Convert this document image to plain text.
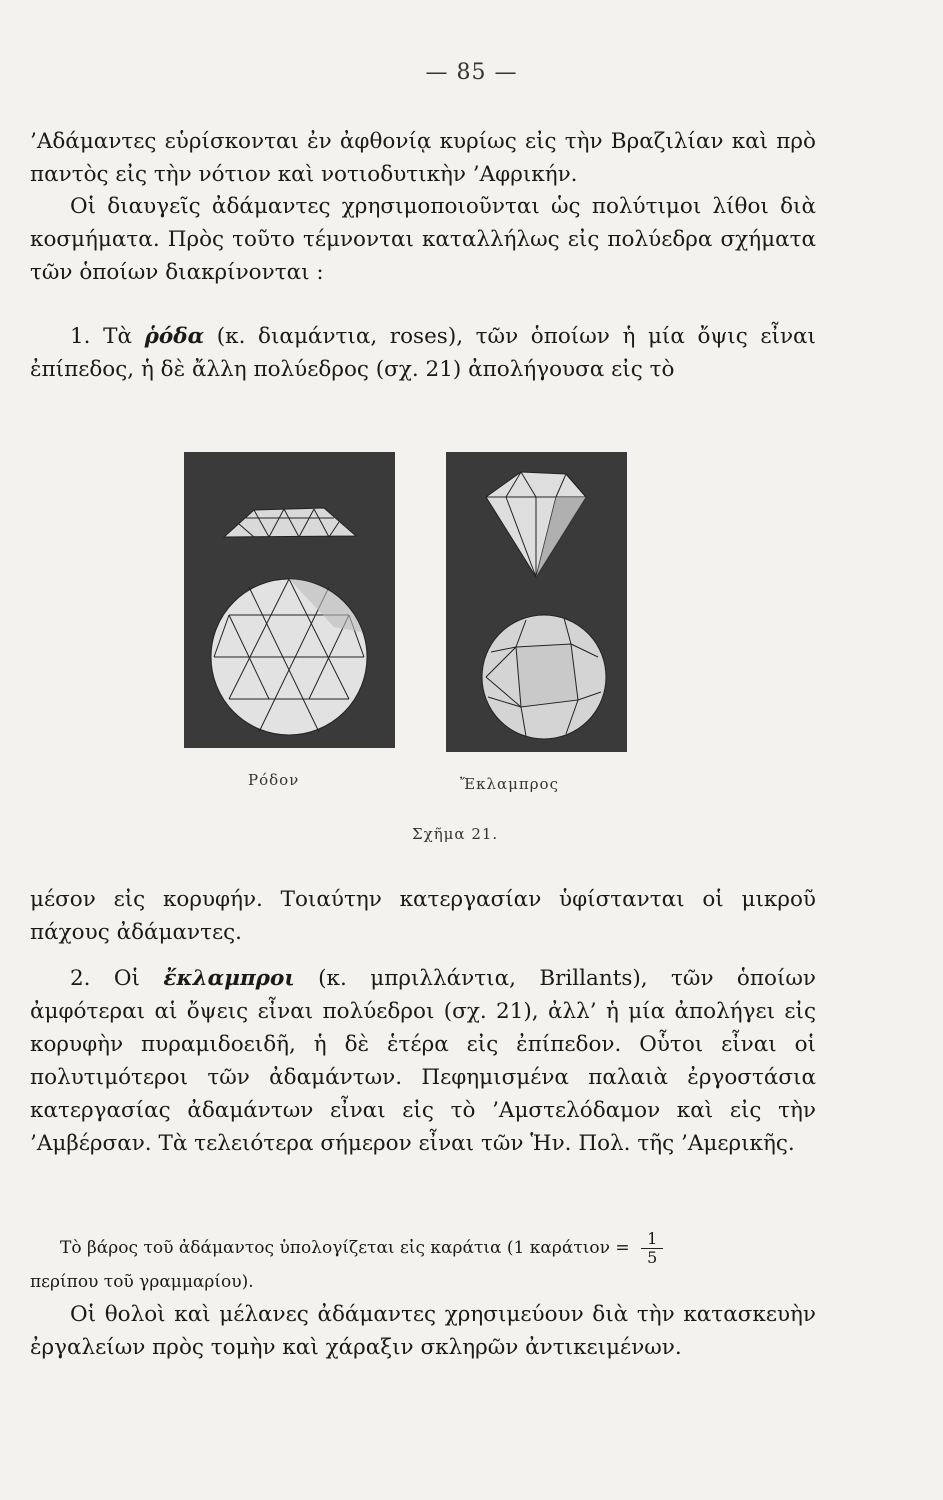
— 85 —
’Αδάμαντες εὑρίσκονται ἐν ἀφθονίᾳ κυρίως εἰς τὴν Βραζιλίαν καὶ πρὸ παντὸς εἰς τὴν νότιον καὶ νοτιοδυτικὴν ’Αφρικήν.
Οἱ διαυγεῖς ἀδάμαντες χρησιμοποιοῦνται ὡς πολύτιμοι λίθοι διὰ κοσμήματα. Πρὸς τοῦτο τέμνονται καταλλήλως εἰς πολύεδρα σχήματα τῶν ὁποίων διακρίνονται :
1. Τὰ ῥόδα (κ. διαμάντια, roses), τῶν ὁποίων ἡ μία ὄψις εἶναι ἐπίπεδος, ἡ δὲ ἄλλη πολύεδρος (σχ. 21) ἀπολήγουσα εἰς τὸ
Ρόδον	Ἔκλαμπρος
Σχῆμα 21.
μέσον εἰς κορυφήν. Τοιαύτην κατεργασίαν ὑφίστανται οἱ μικροῦ πάχους ἀδάμαντες.
2. Οἱ ἔκλαμπροι (κ. μπριλλάντια, Brillants), τῶν ὁποίων ἀμφότεραι αἱ ὄψεις εἶναι πολύεδροι (σχ. 21), ἀλλ’ ἡ μία ἀπολήγει εἰς κορυφὴν πυραμιδοειδῆ, ἡ δὲ ἑτέρα εἰς ἐπίπεδον. Οὗτοι εἶναι οἱ πολυτιμότεροι τῶν ἀδαμάντων. Πεφημισμένα παλαιὰ ἐργοστάσια κατεργασίας ἀδαμάντων εἶναι εἰς τὸ ’Αμστελόδαμον καὶ εἰς τὴν ’Αμβέρσαν. Τὰ τελειότερα σήμερον εἶναι τῶν Ἡν. Πολ. τῆς ’Αμερικῆς.
Τὸ βάρος τοῦ ἀδάμαντος ὑπολογίζεται εἰς καράτια (1 $\kappa\alpha\rho ά\tau\iota o\nu = \frac{1}{5}$

περίπου τοῦ γραμμαρίου).
Οἱ θολοὶ καὶ μέλανες ἀδάμαντες χρησιμεύουν διὰ τὴν κατασκευὴν ἐργαλείων πρὸς τομὴν καὶ χάραξιν σκληρῶν ἀντικειμένων.
